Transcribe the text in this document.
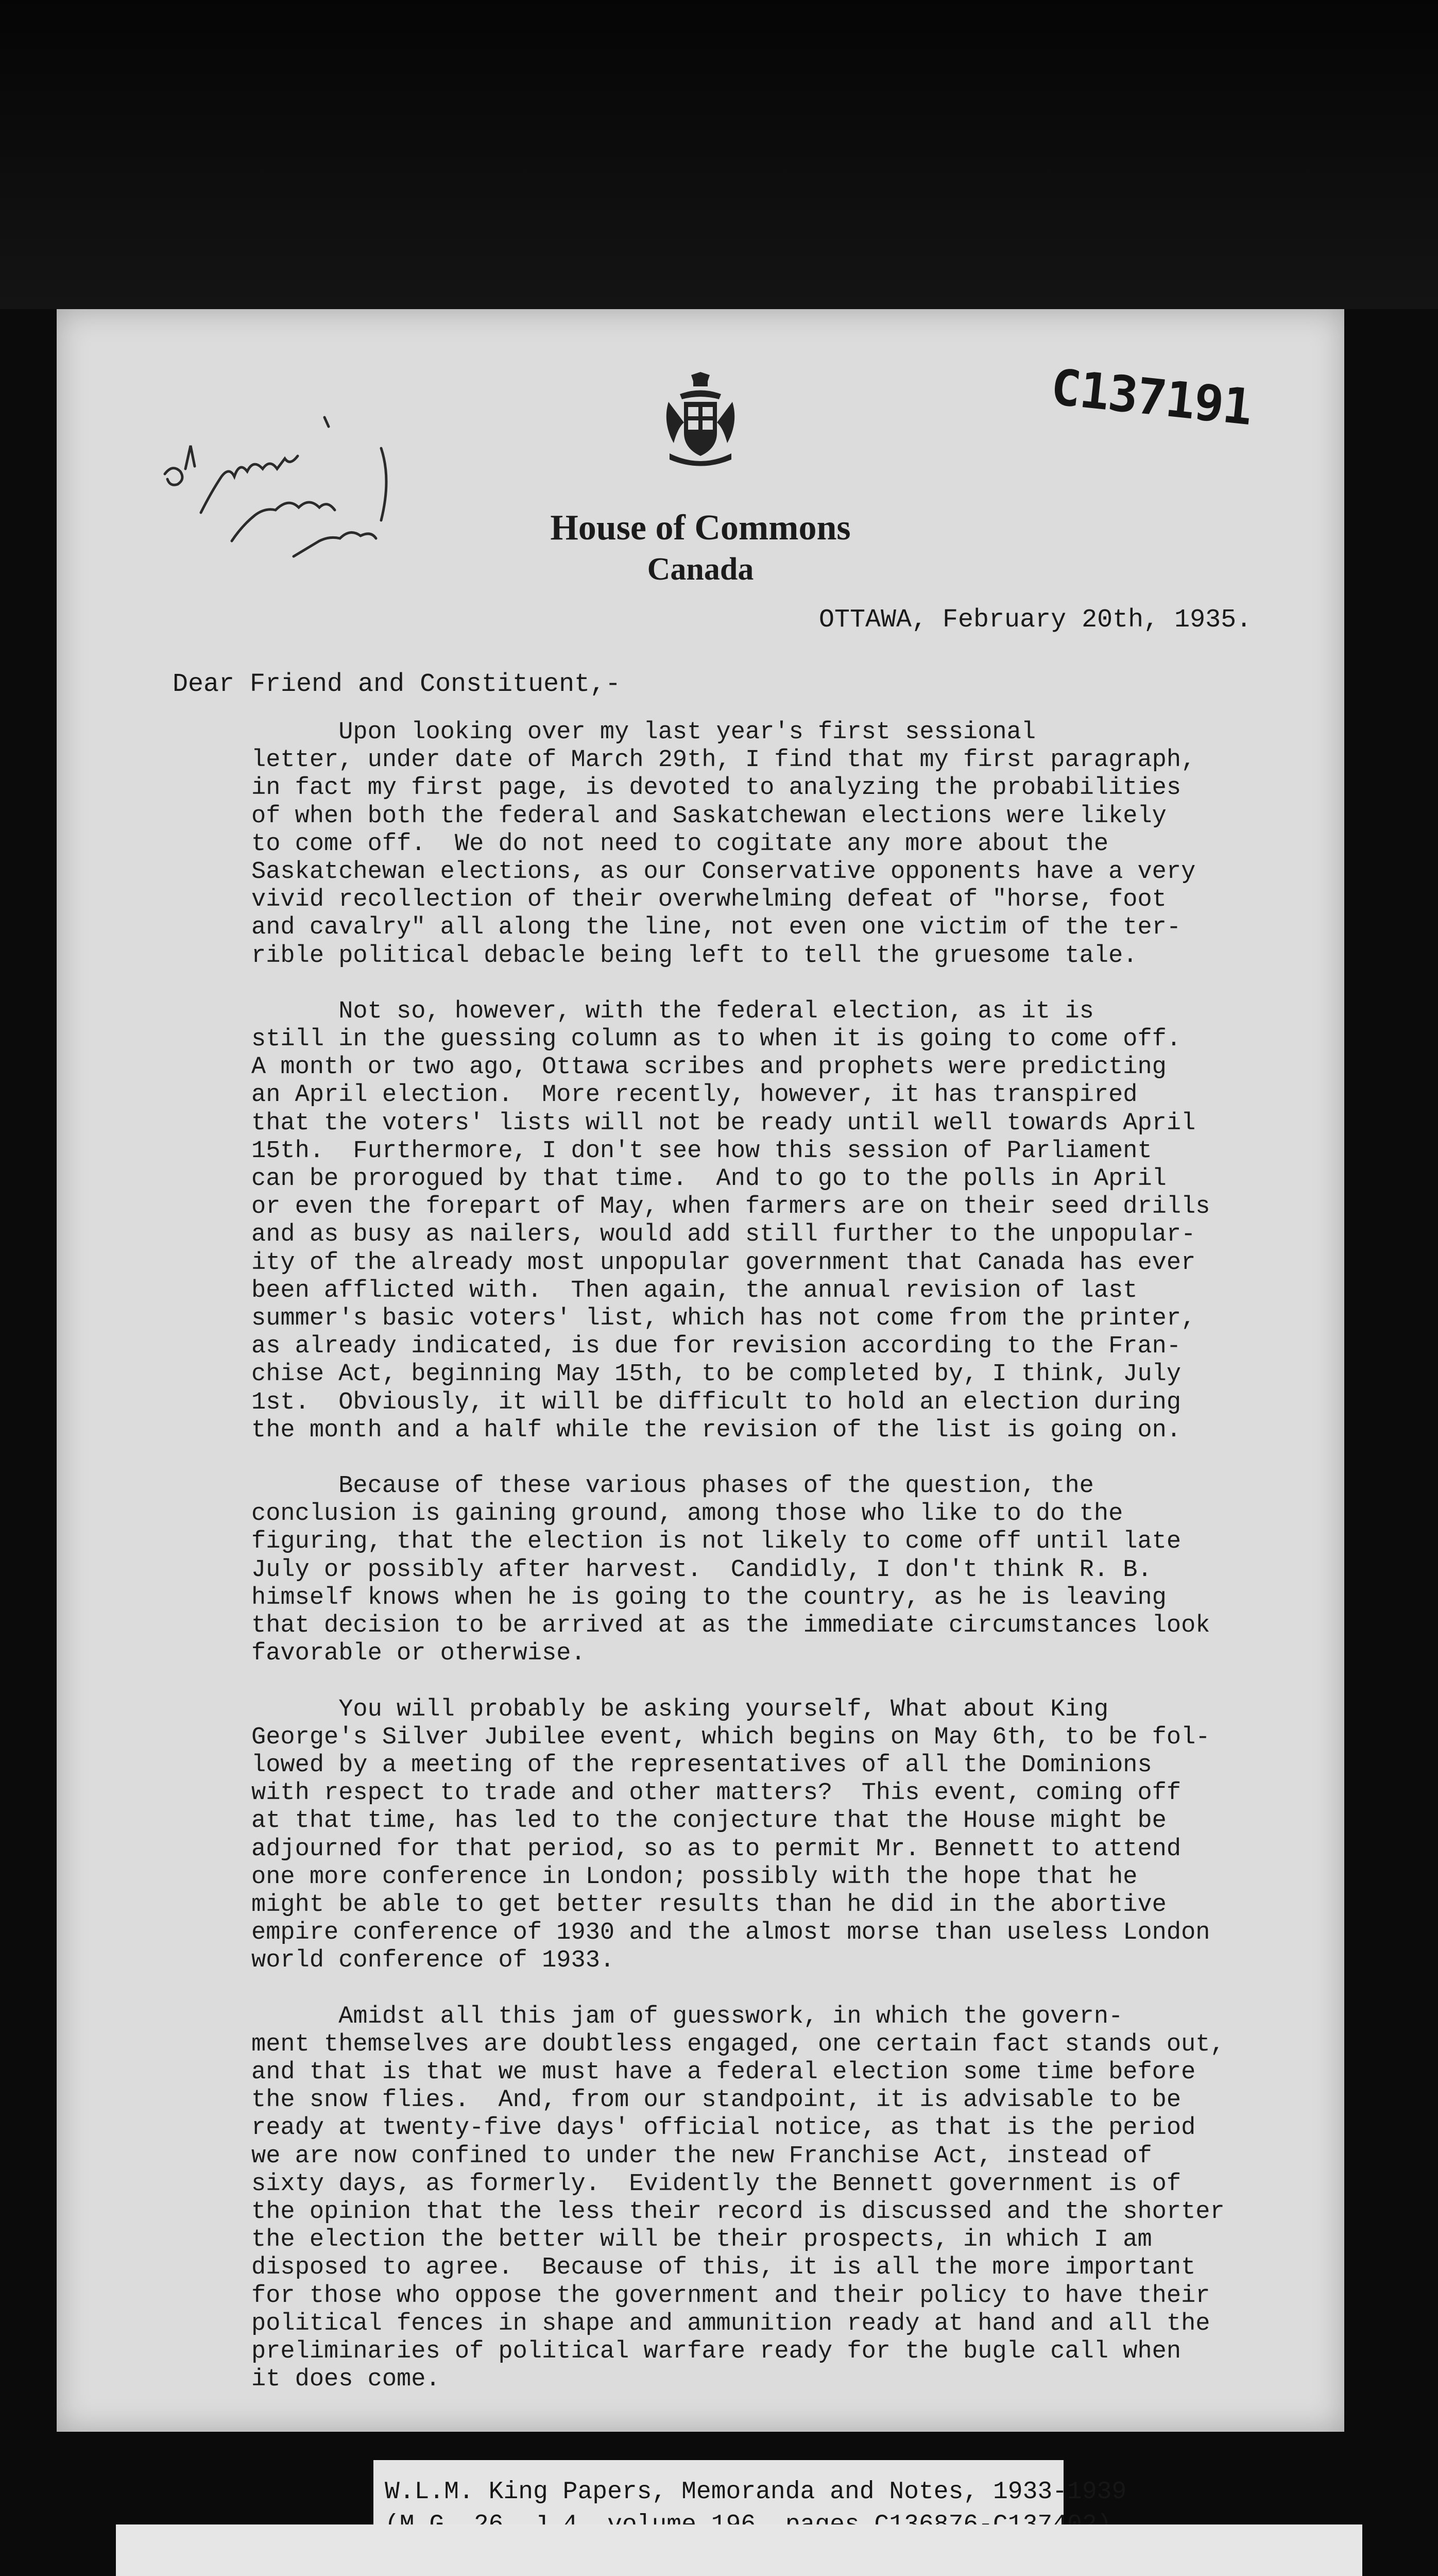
C137191
House of Commons
Canada
OTTAWA, February 20th, 1935.
Dear Friend and Constituent,-

Upon looking over my last year's first sessional
letter, under date of March 29th, I find that my first paragraph,
in fact my first page, is devoted to analyzing the probabilities
of when both the federal and Saskatchewan elections were likely
to come off.  We do not need to cogitate any more about the
Saskatchewan elections, as our Conservative opponents have a very
vivid recollection of their overwhelming defeat of "horse, foot
and cavalry" all along the line, not even one victim of the ter-
rible political debacle being left to tell the gruesome tale.

Not so, however, with the federal election, as it is
still in the guessing column as to when it is going to come off.
A month or two ago, Ottawa scribes and prophets were predicting
an April election.  More recently, however, it has transpired
that the voters' lists will not be ready until well towards April
15th.  Furthermore, I don't see how this session of Parliament
can be prorogued by that time.  And to go to the polls in April
or even the forepart of May, when farmers are on their seed drills
and as busy as nailers, would add still further to the unpopular-
ity of the already most unpopular government that Canada has ever
been afflicted with.  Then again, the annual revision of last
summer's basic voters' list, which has not come from the printer,
as already indicated, is due for revision according to the Fran-
chise Act, beginning May 15th, to be completed by, I think, July
1st.  Obviously, it will be difficult to hold an election during
the month and a half while the revision of the list is going on.

Because of these various phases of the question, the
conclusion is gaining ground, among those who like to do the
figuring, that the election is not likely to come off until late
July or possibly after harvest.  Candidly, I don't think R. B.
himself knows when he is going to the country, as he is leaving
that decision to be arrived at as the immediate circumstances look
favorable or otherwise.

You will probably be asking yourself, What about King
George's Silver Jubilee event, which begins on May 6th, to be fol-
lowed by a meeting of the representatives of all the Dominions
with respect to trade and other matters?  This event, coming off
at that time, has led to the conjecture that the House might be
adjourned for that period, so as to permit Mr. Bennett to attend
one more conference in London; possibly with the hope that he
might be able to get better results than he did in the abortive
empire conference of 1930 and the almost morse than useless London
world conference of 1933.

Amidst all this jam of guesswork, in which the govern-
ment themselves are doubtless engaged, one certain fact stands out,
and that is that we must have a federal election some time before
the snow flies.  And, from our standpoint, it is advisable to be
ready at twenty-five days' official notice, as that is the period
we are now confined to under the new Franchise Act, instead of
sixty days, as formerly.  Evidently the Bennett government is of
the opinion that the less their record is discussed and the shorter
the election the better will be their prospects, in which I am
disposed to agree.  Because of this, it is all the more important
for those who oppose the government and their policy to have their
political fences in shape and ammunition ready at hand and all the
preliminaries of political warfare ready for the bugle call when
it does come.

W.L.M. King Papers, Memoranda and Notes, 1933-1939
